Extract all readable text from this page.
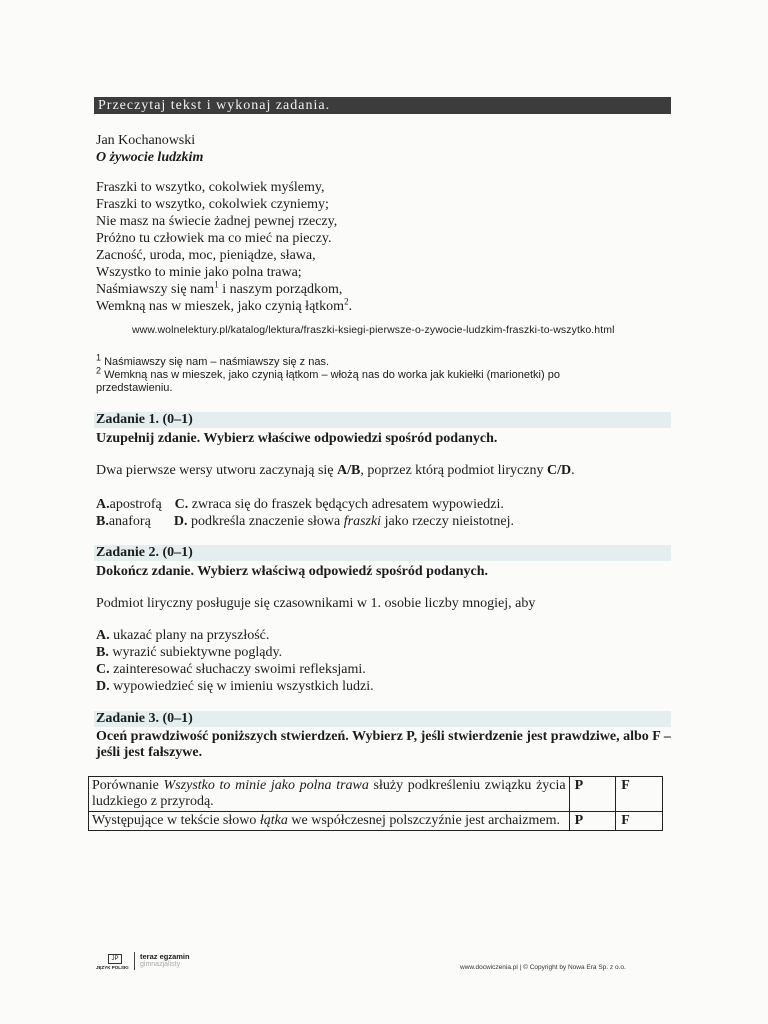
Przeczytaj tekst i wykonaj zadania.
Jan Kochanowski
O żywocie ludzkim
Fraszki to wszytko, cokolwiek myślemy,
Fraszki to wszytko, cokolwiek czyniemy;
Nie masz na świecie żadnej pewnej rzeczy,
Próżno tu człowiek ma co mieć na pieczy.
Zacność, uroda, moc, pieniądze, sława,
Wszystko to minie jako polna trawa;
Naśmiawszy się nam$^1$ i naszym porządkom,
Wemkną nas w mieszek, jako czynią łątkom$^2$.
www.wolnelektury.pl/katalog/lektura/fraszki-ksiegi-pierwsze-o-zywocie-ludzkim-fraszki-to-wszytko.html
$^1$ Naśmiawszy się nam – naśmiawszy się z nas.
$^2$ Wemkną nas w mieszek, jako czynią łątkom – włożą nas do worka jak kukiełki (marionetki) po przedstawieniu.
Zadanie 1. (0–1)
Uzupełnij zdanie. Wybierz właściwe odpowiedzi spośród podanych.
Dwa pierwsze wersy utworu zaczynają się A/B, poprzez którą podmiot liryczny C/D.
A.apostrofą C. zwraca się do fraszek będących adresatem wypowiedzi.
B.anaforą D. podkreśla znaczenie słowa fraszki jako rzeczy nieistotnej.
Zadanie 2. (0–1)
Dokończ zdanie. Wybierz właściwą odpowiedź spośród podanych.
Podmiot liryczny posługuje się czasownikami w 1. osobie liczby mnogiej, aby
A. ukazać plany na przyszłość.
B. wyrazić subiektywne poglądy.
C. zainteresować słuchaczy swoimi refleksjami.
D. wypowiedzieć się w imieniu wszystkich ludzi.
Zadanie 3. (0–1)
Oceń prawdziwość poniższych stwierdzeń. Wybierz P, jeśli stwierdzenie jest prawdziwe, albo F – jeśli jest fałszywe.
Porównanie Wszystko to minie jako polna trawa służy podkreśleniu związku życia ludzkiego z przyrodą.	P	F
Występujące w tekście słowo łątka we współczesnej polszczyźnie jest archaizmem.	P	F
JP
JĘZYK POLSKI
teraz egzamin
gimnazjalisty	www.docwiczenia.pl | © Copyright by Nowa Era Sp. z o.o.
